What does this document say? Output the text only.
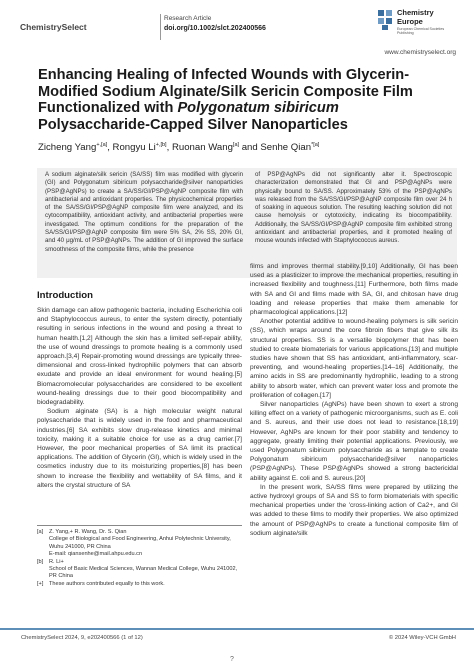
ChemistrySelect
Research Article
doi.org/10.1002/slct.202400566
Chemistry
Europe
European Chemical Societies Publishing
www.chemistryselect.org
Enhancing Healing of Infected Wounds with Glycerin-Modified Sodium Alginate/Silk Sericin Composite Film Functionalized with Polygonatum sibiricum Polysaccharide-Capped Silver Nanoparticles
Zicheng Yang$^{+,[a]}$, Rongyu $Li^{+,[b]}$, Ruonan Wang[a] and Senhe Qian$^{*[a]}$
A sodium alginate/silk sericin (SA/SS) film was modified with glycerin (GI) and Polygonatum sibiricum polysaccharide@silver nanoparticles (PSP@AgNPs) to create a SA/SS/GI/PSP@AgNP composite film with antibacterial and antioxidant properties. The physicochemical properties of the SA/SS/GI/PSP@AgNP composite film were analyzed, and its cytocompatibility, antioxidant activity, and antibacterial properties were investigated. The optimum conditions for the preparation of the SA/SS/GI/PSP@AgNP composite film were 5% SA, 2% SS, 20% GI, and 40 μg/mL of PSP@AgNPs. The addition of GI improved the surface smoothness of the composite films, while the presence
of PSP@AgNPs did not significantly alter it. Spectroscopic characterization demonstrated that GI and PSP@AgNPs were physically bound to SA/SS. Approximately 53% of the PSP@AgNPs was released from the SA/SS/GI/PSP@AgNP composite film over 24 h of soaking in aqueous solution. The resulting leaching solution did not cause hemolysis or cytotoxicity, indicating its biocompatibility. Additionally, the SA/SS/GI/PSP@AgNP composite film exhibited strong antioxidant and antibacterial properties, and it promoted healing of mouse wounds infected with Staphylococcus aureus.
Introduction

Skin damage can allow pathogenic bacteria, including Escherichia coli and Staphylococcus aureus, to enter the system directly, potentially resulting in serious infections in the wound and posing a threat to human health.[1,2] Although the skin has a limited self-repair ability, the use of wound dressings to promote healing is a commonly used approach.[3,4] Repair-promoting wound dressings are typically three-dimensional and cross-linked hydrophilic polymers that can absorb exudate and provide an ideal environment for wound healing.[5] Biomacromolecular polysaccharides are considered to be excellent wound-healing dressings due to their good biocompatibility and biodegradability.

Sodium alginate (SA) is a high molecular weight natural polysaccharide that is widely used in the food and pharmaceutical industries.[6] SA exhibits slow drug-release kinetics and minimal toxicity, making it a suitable choice for use as a drug carrier.[7] However, the poor mechanical properties of SA limit its practical applications. The addition of Glycerin (GI), which is widely used in the cosmetics industry due to its moisturizing properties,[8] has been shown to increase the flexibility and wettability of SA films, and it alters the crystal structure of SA

films and improves thermal stability.[9,10] Additionally, GI has been used as a plasticizer to improve the mechanical properties, resulting in increased flexibility and toughness.[11] Furthermore, both films made with SA and GI and films made with SA, GI, and chitosan have drug loading and release properties that make them amenable for pharmacological applications.[12]

Another potential additive to wound-healing polymers is silk sericin (SS), which wraps around the core fibroin fibers that give silk its structural properties. SS is a versatile biopolymer that has been studied to create biomaterials for various applications,[13] and multiple studies have shown that SS has antioxidant, anti-inflammatory, scar-preventing, and wound-healing properties.[14–16] Additionally, the amino acids in SS are predominantly hydrophilic, leading to a strong ability to absorb water, which can prevent water loss and promote the proliferation of collagen.[17]

Silver nanoparticles (AgNPs) have been shown to exert a strong killing effect on a variety of pathogenic microorganisms, such as E. coli and S. aureus, and their use does not lead to resistance.[18,19] However, AgNPs are known for their poor stability and tendency to aggregate, greatly limiting their potential applications. Previously, we used Polygonatum sibiricum polysaccharide as a template to create Polygonatum sibiricum polysaccharide@silver nanoparticles (PSP@AgNPs). These PSP@AgNPs showed a strong bactericidal ability against E. coli and S. aureus.[20]

In the present work, SA/SS films were prepared by utilizing the active hydroxyl groups of SA and SS to form biomaterials with specific mechanical properties under the 'cross-linking action of Ca2+, and GI was added to these films to modify their properties. We also optimized the amount of PSP@AgNPs to create a functional composite film of sodium alginate/silk

[a] Z. Yang,+ R. Wang, Dr. S. Qian
College of Biological and Food Engineering, Anhui Polytechnic University,
Wuhu 241000, PR China
E-mail: qiansenhe@mail.ahpu.edu.cn
[b] R. Li+
School of Basic Medical Sciences, Wannan Medical College, Wuhu 241002,
PR China
[+] These authors contributed equally to this work.
ChemistrySelect 2024, 9, e202400566 (1 of 12)	© 2024 Wiley-VCH GmbH
?
